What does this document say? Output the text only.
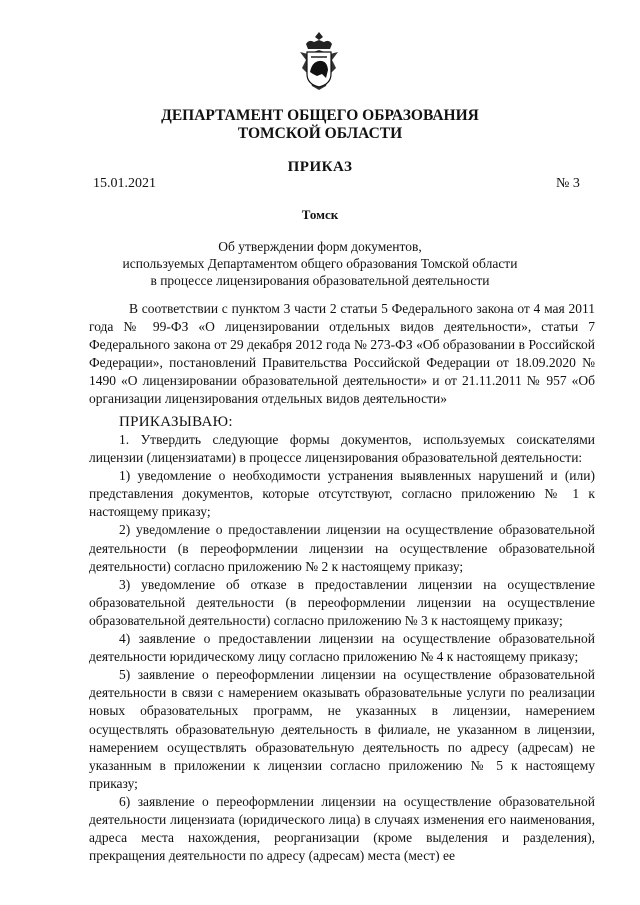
ДЕПАРТАМЕНТ ОБЩЕГО ОБРАЗОВАНИЯ
ТОМСКОЙ ОБЛАСТИ
ПРИКАЗ
15.01.2021	№ 3
Томск
Об утверждении форм документов,
используемых Департаментом общего образования Томской области
в процессе лицензирования образовательной деятельности

В соответствии с пунктом 3 части 2 статьи 5 Федерального закона от 4 мая 2011 года № 99-ФЗ «О лицензировании отдельных видов деятельности», статьи 7 Федерального закона от 29 декабря 2012 года № 273-ФЗ «Об образовании в Российской Федерации», постановлений Правительства Российской Федерации от 18.09.2020 № 1490 «О лицензировании образовательной деятельности» и от 21.11.2011 № 957 «Об организации лицензирования отдельных видов деятельности»

ПРИКАЗЫВАЮ:

1. Утвердить следующие формы документов, используемых соискателями лицензии (лицензиатами) в процессе лицензирования образовательной деятельности:

1) уведомление о необходимости устранения выявленных нарушений и (или) представления документов, которые отсутствуют, согласно приложению № 1 к настоящему приказу;

2) уведомление о предоставлении лицензии на осуществление образовательной деятельности (в переоформлении лицензии на осуществление образовательной деятельности) согласно приложению № 2 к настоящему приказу;

3) уведомление об отказе в предоставлении лицензии на осуществление образовательной деятельности (в переоформлении лицензии на осуществление образовательной деятельности) согласно приложению № 3 к настоящему приказу;

4) заявление о предоставлении лицензии на осуществление образовательной деятельности юридическому лицу согласно приложению № 4 к настоящему приказу;

5) заявление о переоформлении лицензии на осуществление образовательной деятельности в связи с намерением оказывать образовательные услуги по реализации новых образовательных программ, не указанных в лицензии, намерением осуществлять образовательную деятельность в филиале, не указанном в лицензии, намерением осуществлять образовательную деятельность по адресу (адресам) не указанным в приложении к лицензии согласно приложению № 5 к настоящему приказу;

6) заявление о переоформлении лицензии на осуществление образовательной деятельности лицензиата (юридического лица) в случаях изменения его наименования, адреса места нахождения, реорганизации (кроме выделения и разделения), прекращения деятельности по адресу (адресам) места (мест) ее
